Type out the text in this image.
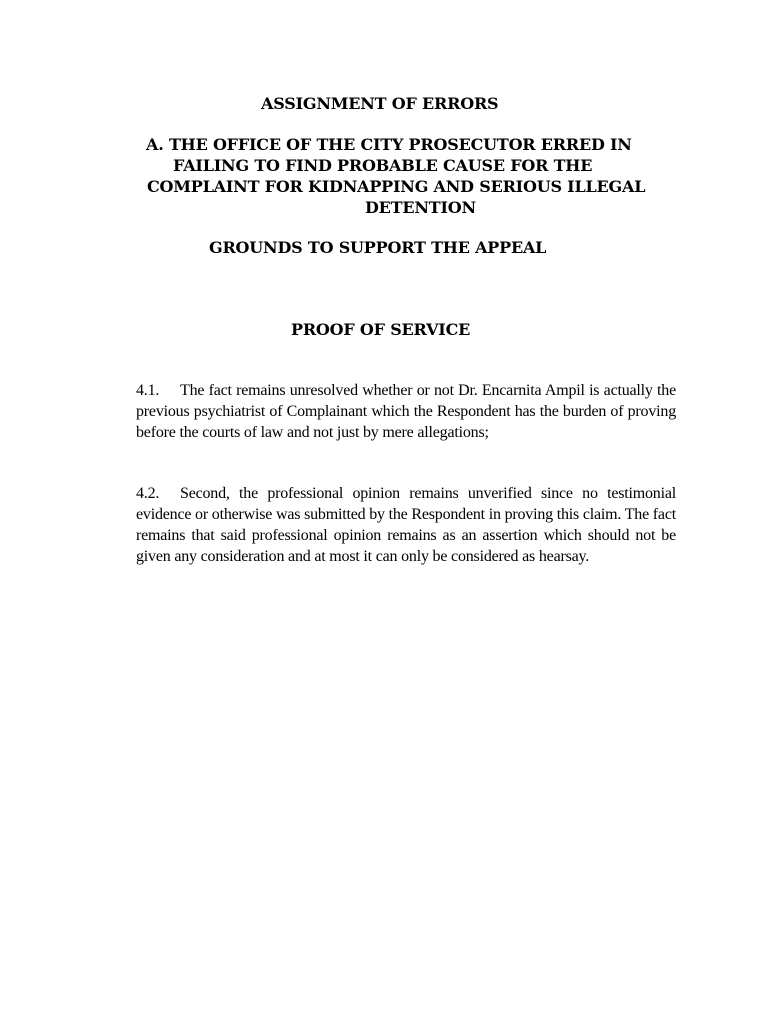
ASSIGNMENT OF ERRORS
A. THE OFFICE OF THE CITY PROSECUTOR ERRED IN
FAILING TO FIND PROBABLE CAUSE FOR THE
COMPLAINT FOR KIDNAPPING AND SERIOUS ILLEGAL
DETENTION
GROUNDS TO SUPPORT THE APPEAL
PROOF OF SERVICE

4.1. The fact remains unresolved whether or not Dr. Encarnita Ampil is actually the previous psychiatrist of Complainant which the Respondent has the burden of proving before the courts of law and not just by mere allegations;

4.2. Second, the professional opinion remains unverified since no testimonial evidence or otherwise was submitted by the Respondent in proving this claim. The fact remains that said professional opinion remains as an assertion which should not be given any consideration and at most it can only be considered as hearsay.
